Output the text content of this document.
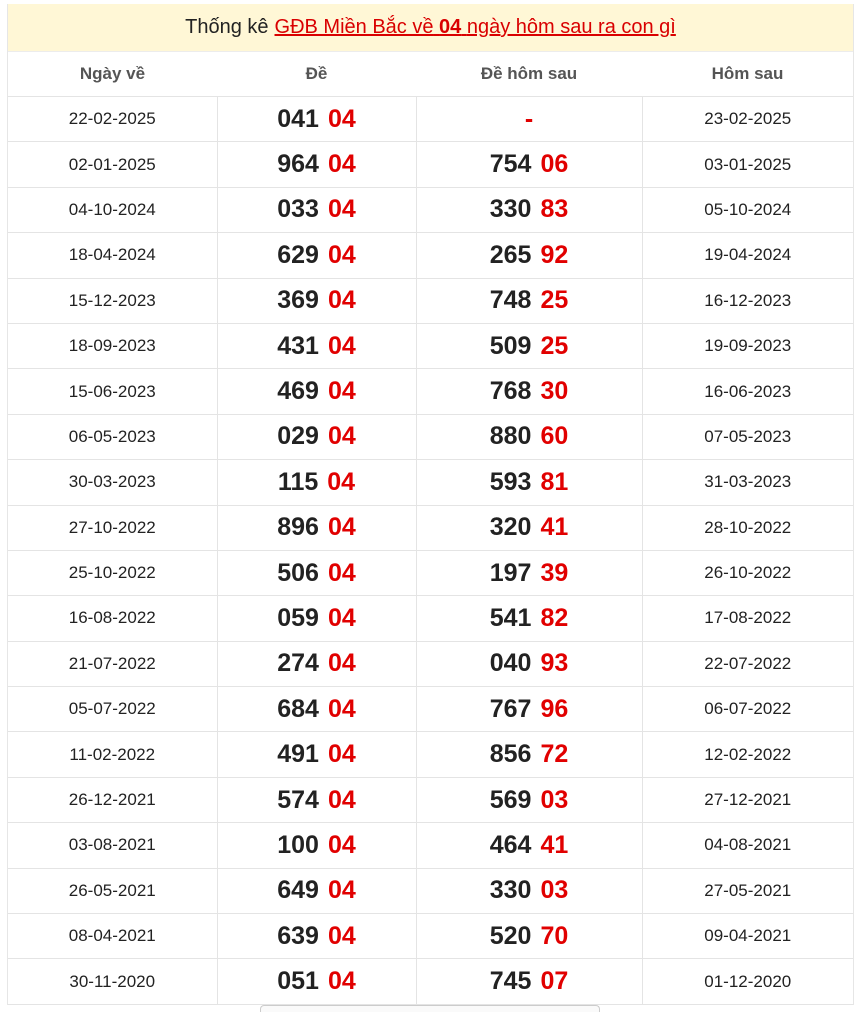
Thống kê GĐB Miền Bắc về 04 ngày hôm sau ra con gì
Ngày về	Đề	Đề hôm sau	Hôm sau
22-02-2025	041 04	-	23-02-2025
02-01-2025	964 04	754 06	03-01-2025
04-10-2024	033 04	330 83	05-10-2024
18-04-2024	629 04	265 92	19-04-2024
15-12-2023	369 04	748 25	16-12-2023
18-09-2023	431 04	509 25	19-09-2023
15-06-2023	469 04	768 30	16-06-2023
06-05-2023	029 04	880 60	07-05-2023
30-03-2023	115 04	593 81	31-03-2023
27-10-2022	896 04	320 41	28-10-2022
25-10-2022	506 04	197 39	26-10-2022
16-08-2022	059 04	541 82	17-08-2022
21-07-2022	274 04	040 93	22-07-2022
05-07-2022	684 04	767 96	06-07-2022
11-02-2022	491 04	856 72	12-02-2022
26-12-2021	574 04	569 03	27-12-2021
03-08-2021	100 04	464 41	04-08-2021
26-05-2021	649 04	330 03	27-05-2021
08-04-2021	639 04	520 70	09-04-2021
30-11-2020	051 04	745 07	01-12-2020
